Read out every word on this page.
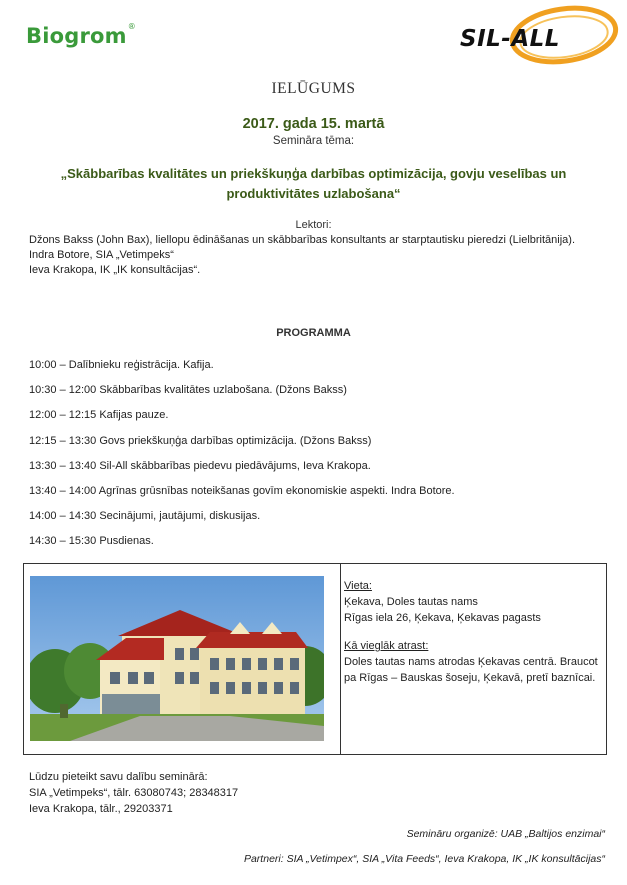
Biogrom®	SIL-ALL
IELŪGUMS
2017. gada 15. martā
Semināra tēma:
„Skābbarības kvalitātes un priekškuņģa darbības optimizācija, govju veselības un produktivitātes uzlabošana“
Lektori:
Džons Bakss (John Bax), liellopu ēdināšanas un skābbarības konsultants ar starptautisku pieredzi (Lielbritānija).
Indra Botore, SIA „Vetimpeks“
Ieva Krakopa, IK „IK konsultācijas“.
PROGRAMMA
10:00 – Dalībnieku reģistrācija. Kafija.
10:30 – 12:00 Skābbarības kvalitātes uzlabošana. (Džons Bakss)
12:00 – 12:15 Kafijas pauze.
12:15 – 13:30 Govs priekškuņģa darbības optimizācija. (Džons Bakss)
13:30 – 13:40 Sil-All skābbarības piedevu piedāvājums, Ieva Krakopa.
13:40 – 14:00 Agrīnas grūsnības noteikšanas govīm ekonomiskie aspekti. Indra Botore.
14:00 – 14:30 Secinājumi, jautājumi, diskusijas.
14:30 – 15:30 Pusdienas.
Vieta:
Ķekava, Doles tautas nams
Rīgas iela 26, Ķekava, Ķekavas pagasts
Kā vieglāk atrast:
Doles tautas nams atrodas Ķekavas centrā. Braucot pa Rīgas – Bauskas šoseju, Ķekavā, pretī baznīcai.
Lūdzu pieteikt savu dalību seminārā:
SIA „Vetimpeks“, tālr. 63080743; 28348317
Ieva Krakopa, tālr., 29203371
Semināru organizē: UAB „Baltijos enzimai“
Partneri: SIA „Vetimpex“, SIA „Vita Feeds“, Ieva Krakopa, IK „IK konsultācijas“
